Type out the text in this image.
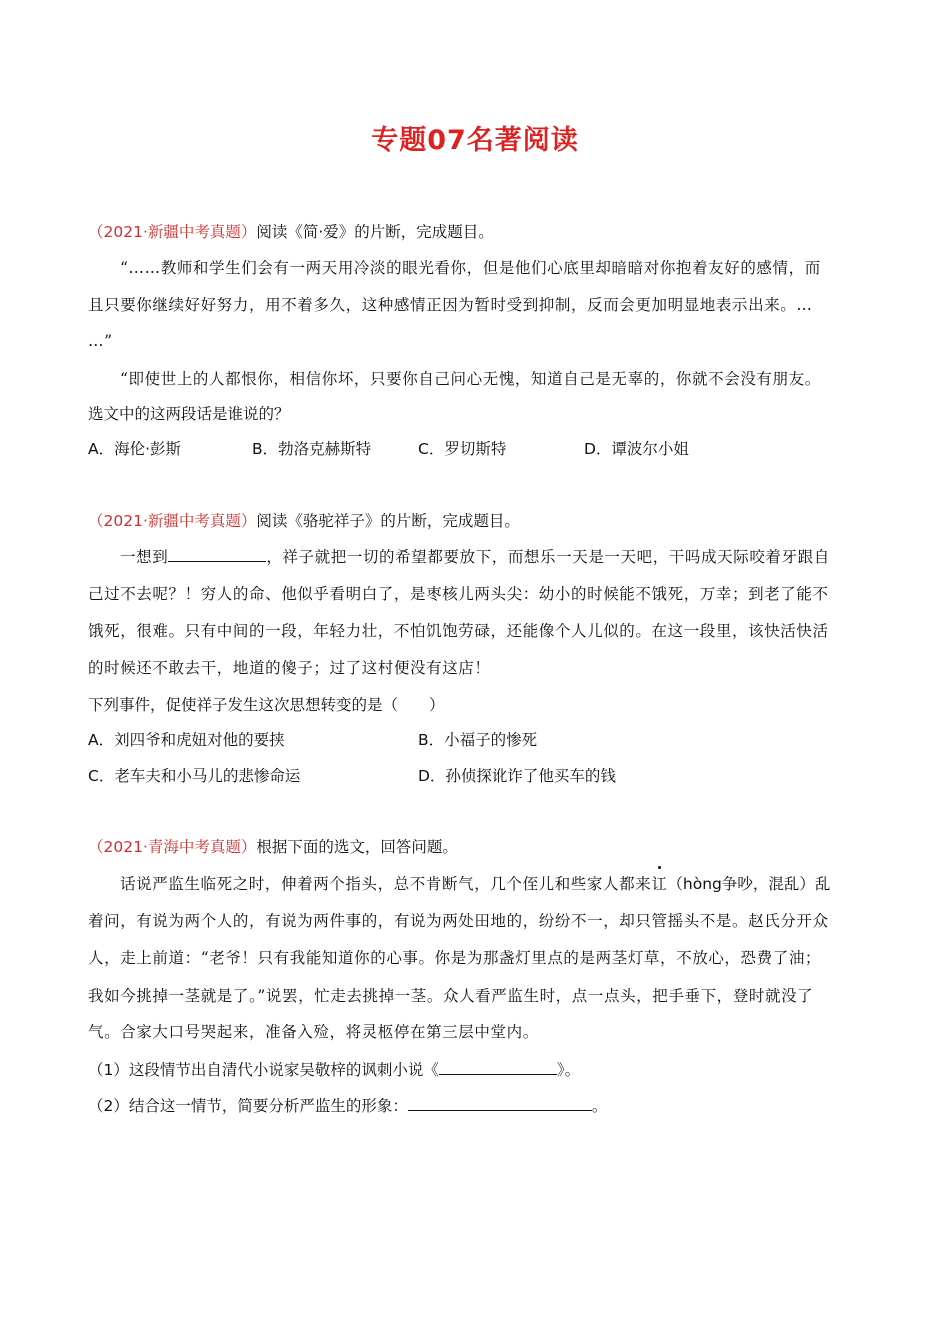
专题07名著阅读
（2021·新疆中考真题）阅读《简·爱》的片断，完成题目。
“……教师和学生们会有一两天用冷淡的眼光看你，但是他们心底里却暗暗对你抱着友好的感情，而
且只要你继续好好努力，用不着多久，这种感情正因为暂时受到抑制，反而会更加明显地表示出来。…
…”
“即使世上的人都恨你，相信你坏，只要你自己问心无愧，知道自己是无辜的，你就不会没有朋友。
选文中的这两段话是谁说的？
A．海伦·彭斯	B．勃洛克赫斯特	C．罗切斯特	D．谭波尔小姐
（2021·新疆中考真题）阅读《骆驼祥子》的片断，完成题目。
一想到	，祥子就把一切的希望都要放下，而想乐一天是一天吧，干吗成天际咬着牙跟自
己过不去呢？！穷人的命、他似乎看明白了，是枣核儿两头尖：幼小的时候能不饿死，万幸；到老了能不
饿死，很难。只有中间的一段，年轻力壮，不怕饥饱劳碌，还能像个人儿似的。在这一段里，该快活快活
的时候还不敢去干，地道的傻子；过了这村便没有这店！
下列事件，促使祥子发生这次思想转变的是（　　）
A．刘四爷和虎妞对他的要挟	B．小福子的惨死
C．老车夫和小马儿的悲惨命运	D．孙侦探讹诈了他买车的钱
（2021·青海中考真题）根据下面的选文，回答问题。
话说严监生临死之时，伸着两个指头，总不肯断气，几个侄儿和些家人都来讧（hòng争吵，混乱）乱
着问，有说为两个人的，有说为两件事的，有说为两处田地的，纷纷不一，却只管摇头不是。赵氏分开众
人，走上前道：“老爷！只有我能知道你的心事。你是为那盏灯里点的是两茎灯草，不放心，恐费了油；
我如今挑掉一茎就是了。”说罢，忙走去挑掉一茎。众人看严监生时，点一点头，把手垂下，登时就没了
气。合家大口号哭起来，准备入殓，将灵柩停在第三层中堂内。
（1）这段情节出自清代小说家吴敬梓的讽刺小说《	》。
（2）结合这一情节，简要分析严监生的形象：	。
